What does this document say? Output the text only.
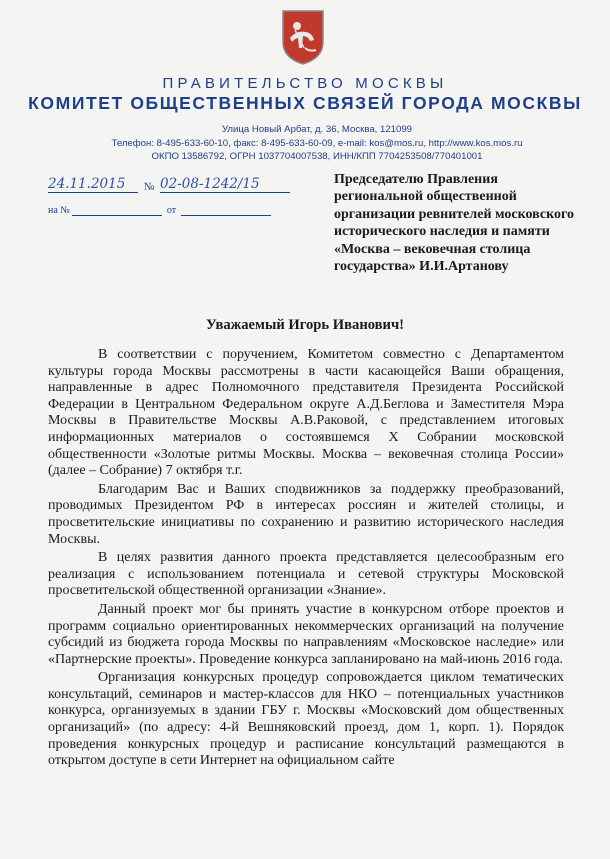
ПРАВИТЕЛЬСТВО МОСКВЫ
КОМИТЕТ ОБЩЕСТВЕННЫХ СВЯЗЕЙ ГОРОДА МОСКВЫ
Улица Новый Арбат, д. 36, Москва, 121099
Телефон: 8-495-633-60-10, факс: 8-495-633-60-09, e-mail: kos@mos.ru, http://www.kos.mos.ru
ОКПО 13586792, ОГРН 1037704007538, ИНН/КПП 7704253508/770401001
24.11.2015 № 02-08-1242/15
на №	от
Председателю Правления региональной общественной организации ревнителей московского исторического наследия и памяти «Москва – вековечная столица государства» И.И.Артанову
Уважаемый Игорь Иванович!

В соответствии с поручением, Комитетом совместно с Департаментом культуры города Москвы рассмотрены в части касающейся Ваши обращения, направленные в адрес Полномочного представителя Президента Российской Федерации в Центральном Федеральном округе А.Д.Беглова и Заместителя Мэра Москвы в Правительстве Москвы А.В.Раковой, с представлением итоговых информационных материалов о состоявшемся Х Собрании московской общественности «Золотые ритмы Москвы. Москва – вековечная столица России» (далее – Собрание) 7 октября т.г.

Благодарим Вас и Ваших сподвижников за поддержку преобразований, проводимых Президентом РФ в интересах россиян и жителей столицы, и просветительские инициативы по сохранению и развитию исторического наследия Москвы.

В целях развития данного проекта представляется целесообразным его реализация с использованием потенциала и сетевой структуры Московской просветительской общественной организации «Знание».

Данный проект мог бы принять участие в конкурсном отборе проектов и программ социально ориентированных некоммерческих организаций на получение субсидий из бюджета города Москвы по направлениям «Московское наследие» или «Партнерские проекты». Проведение конкурса запланировано на май-июнь 2016 года.

Организация конкурсных процедур сопровождается циклом тематических консультаций, семинаров и мастер-классов для НКО – потенциальных участников конкурса, организуемых в здании ГБУ г. Москвы «Московский дом общественных организаций» (по адресу: 4-й Вешняковский проезд, дом 1, корп. 1). Порядок проведения конкурсных процедур и расписание консультаций размещаются в открытом доступе в сети Интернет на официальном сайте
